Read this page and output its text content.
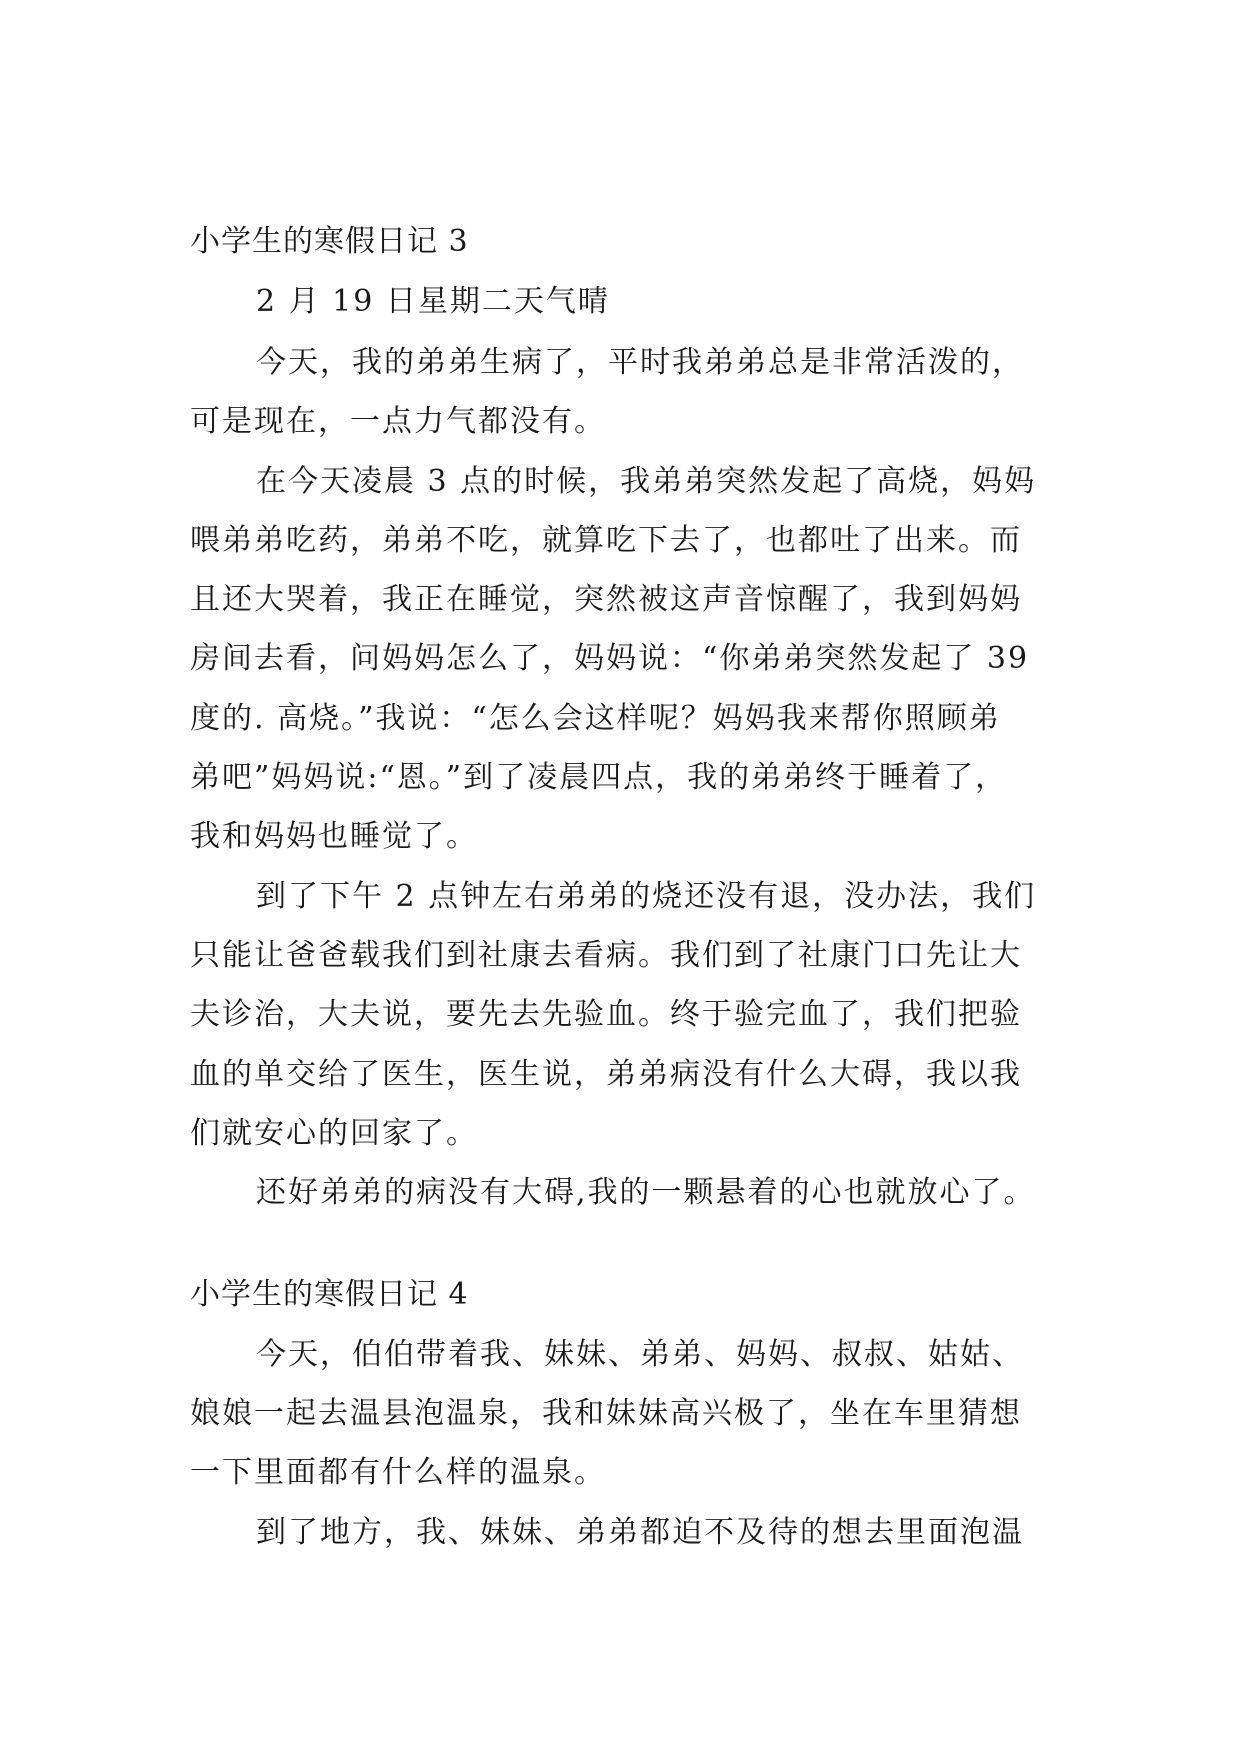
小学生的寒假日记 3
2 月 19 日星期二天气晴
今天，我的弟弟生病了，平时我弟弟总是非常活泼的，
可是现在，一点力气都没有。
在今天凌晨 3 点的时候，我弟弟突然发起了高烧，妈妈
喂弟弟吃药，弟弟不吃，就算吃下去了，也都吐了出来。而
且还大哭着，我正在睡觉，突然被这声音惊醒了，我到妈妈
房间去看，问妈妈怎么了，妈妈说：“你弟弟突然发起了 39
度的. 高烧。”我说：“怎么会这样呢？妈妈我来帮你照顾弟
弟吧”妈妈说:“恩。”到了凌晨四点，我的弟弟终于睡着了，
我和妈妈也睡觉了。
到了下午 2 点钟左右弟弟的烧还没有退，没办法，我们
只能让爸爸载我们到社康去看病。我们到了社康门口先让大
夫诊治，大夫说，要先去先验血。终于验完血了，我们把验
血的单交给了医生，医生说，弟弟病没有什么大碍，我以我
们就安心的回家了。
还好弟弟的病没有大碍,我的一颗悬着的心也就放心了。
小学生的寒假日记 4
今天，伯伯带着我、妹妹、弟弟、妈妈、叔叔、姑姑、
娘娘一起去温县泡温泉，我和妹妹高兴极了，坐在车里猜想
一下里面都有什么样的温泉。
到了地方，我、妹妹、弟弟都迫不及待的想去里面泡温
